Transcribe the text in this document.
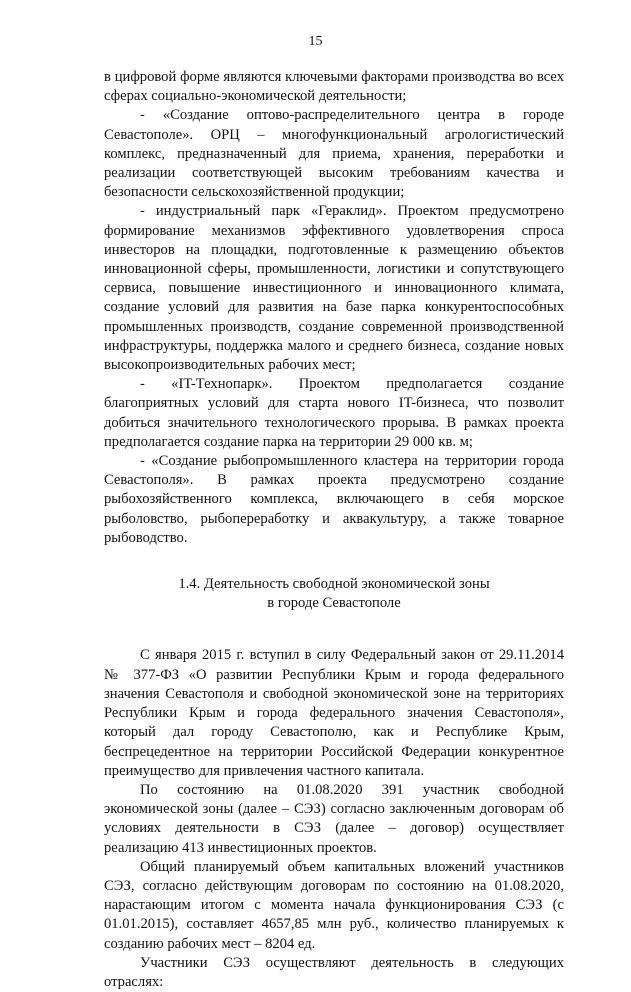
15

в цифровой форме являются ключевыми факторами производства во всех сферах социально-экономической деятельности;

- «Создание оптово-распределительного центра в городе Севастополе». ОРЦ – многофункциональный агрологистический комплекс, предназначенный для приема, хранения, переработки и реализации соответствующей высоким требованиям качества и безопасности сельскохозяйственной продукции;

- индустриальный парк «Гераклид». Проектом предусмотрено формирование механизмов эффективного удовлетворения спроса инвесторов на площадки, подготовленные к размещению объектов инновационной сферы, промышленности, логистики и сопутствующего сервиса, повышение инвестиционного и инновационного климата, создание условий для развития на базе парка конкурентоспособных промышленных производств, создание современной производственной инфраструктуры, поддержка малого и среднего бизнеса, создание новых высокопроизводительных рабочих мест;

- «IT-Технопарк». Проектом предполагается создание благоприятных условий для старта нового IT-бизнеса, что позволит добиться значительного технологического прорыва. В рамках проекта предполагается создание парка на территории 29 000 кв. м;

- «Создание рыбопромышленного кластера на территории города Севастополя». В рамках проекта предусмотрено создание рыбохозяйственного комплекса, включающего в себя морское рыболовство, рыбопереработку и аквакультуру, а также товарное рыбоводство.

1.4. Деятельность свободной экономической зоны
в городе Севастополе

С января 2015 г. вступил в силу Федеральный закон от 29.11.2014 № 377-ФЗ «О развитии Республики Крым и города федерального значения Севастополя и свободной экономической зоне на территориях Республики Крым и города федерального значения Севастополя», который дал городу Севастополю, как и Республике Крым, беспрецедентное на территории Российской Федерации конкурентное преимущество для привлечения частного капитала.

По состоянию на 01.08.2020 391 участник свободной экономической зоны (далее – СЭЗ) согласно заключенным договорам об условиях деятельности в СЭЗ (далее – договор) осуществляет реализацию 413 инвестиционных проектов.

Общий планируемый объем капитальных вложений участников СЭЗ, согласно действующим договорам по состоянию на 01.08.2020, нарастающим итогом с момента начала функционирования СЭЗ (с 01.01.2015), составляет 4657,85 млн руб., количество планируемых к созданию рабочих мест – 8204 ед.

Участники СЭЗ осуществляют деятельность в следующих отраслях:
